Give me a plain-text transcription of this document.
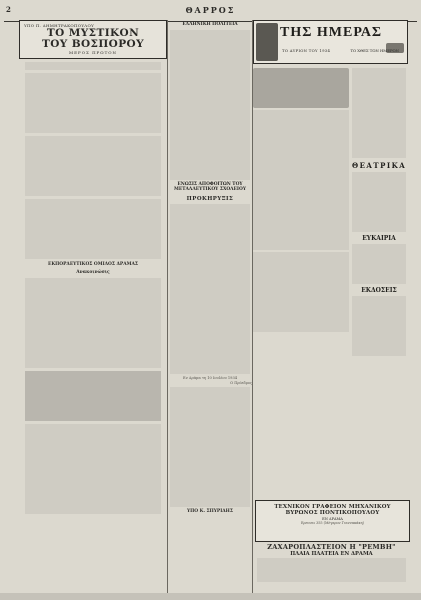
2	ΘΑΡΡΟΣ
ΥΠΟ Π. ΔΗΜΗΤΡΑΚΟΠΟΥΛΟΥ
ΤΟ ΜΥΣΤΙΚΟΝ
ΤΟΥ ΒΟΣΠΟΡΟΥ
ΜΕΡΟΣ ΠΡΩΤΟΝ

ΕΚΠΟΡΔΕΥΤΙΚΟΣ ΟΜΙΛΟΣ ΔΡΑΜΑΣ
Ανακοινώσις
ΕΛΛΗΝΙΚΗ ΠΟΛΙΤΕΙΑ
ΕΝΩΣΙΣ ΑΠΟΦΟΙΤΩΝ ΤΟΥ ΜΕΤΑΛΛΕΥΤΙΚΟΥ ΣΧΟΛΕΙΟΥ
ΠΡΟΚΗΡΥΞΙΣ
Εν Δράμα τη 10 Ιουλίου 1934
Ο Πρόεδρος
ΥΠΟ Κ. ΣΠΥΡΙΔΗΣ
ΤΗΣ ΗΜΕΡΑΣ
ΤΟ ΑΥΡΙΟΝ ΤΟΥ 1934	ΤΟ ΧΘΕΣ ΤΩΝ ΗΜΕΡΩΝ
ΘΕΑΤΡΙΚΑ
ΕΥΚΑΙΡΙΑ
ΕΚΔΟΣΕΙΣ
ΤΕΧΝΙΚΟΝ ΓΡΑΦΕΙΟΝ ΜΗΧΑΝΙΚΟΥ
ΒΥΡΩΝΟΣ ΠΟΝΤΙΚΟΠΟΥΛΟΥ
ΕΝ ΔΡΑΜΑ
Ερευναι 355 (Μέγαρον Γιαννακάκη)
ΖΑΧΑΡΟΠΛΑΣΤΕΙΟΝ Η "ΡΕΜΒΗ"
ΠΛΑΙΑ ΠΛΑΤΕΙΑ ΕΝ ΔΡΑΜΑ
